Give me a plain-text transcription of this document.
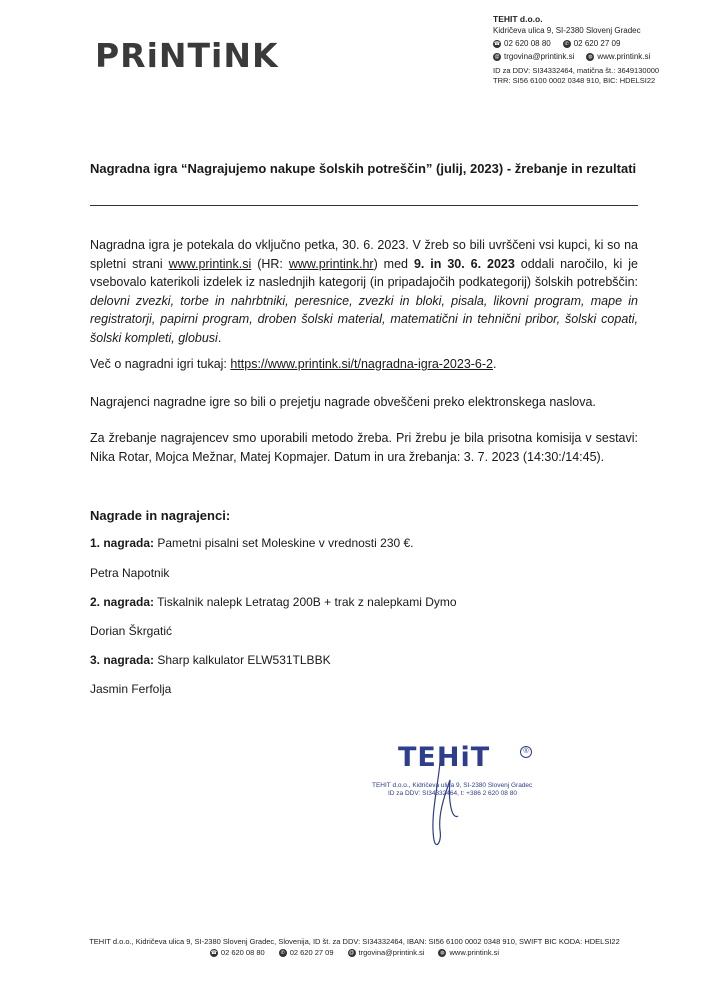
PRiNTiNK
TEHIT d.o.o.
Kidričeva ulica 9, SI-2380 Slovenj Gradec
☎ 02 620 08 80	✆ 02 620 27 09
@ trgovina@printink.si	◍ www.printink.si
ID za DDV: SI34332464, matična št.: 3649130000
TRR: SI56 6100 0002 0348 910, BIC: HDELSI22
Nagradna igra “Nagrajujemo nakupe šolskih potreščin” (julij, 2023) - žrebanje in rezultati
Nagradna igra je potekala do vključno petka, 30. 6. 2023. V žreb so bili uvrščeni vsi kupci, ki so na spletni strani www.printink.si (HR: www.printink.hr) med 9. in 30. 6. 2023 oddali naročilo, ki je vsebovalo katerikoli izdelek iz naslednjih kategorij (in pripadajočih podkategorij) šolskih potrebščin: delovni zvezki, torbe in nahrbtniki, peresnice, zvezki in bloki, pisala, likovni program, mape in registratorji, papirni program, droben šolski material, matematični in tehnični pribor, šolski copati, šolski kompleti, globusi.
Več o nagradni igri tukaj: https://www.printink.si/t/nagradna-igra-2023-6-2.
Nagrajenci nagradne igre so bili o prejetju nagrade obveščeni preko elektronskega naslova.
Za žrebanje nagrajencev smo uporabili metodo žreba. Pri žrebu je bila prisotna komisija v sestavi: Nika Rotar, Mojca Mežnar, Matej Kopmajer. Datum in ura žrebanja: 3. 7. 2023 (14:30:/14:45).
Nagrade in nagrajenci:
1. nagrada: Pametni pisalni set Moleskine v vrednosti 230 €.
Petra Napotnik
2. nagrada: Tiskalnik nalepk Letratag 200B + trak z nalepkami Dymo
Dorian Škrgatić
3. nagrada: Sharp kalkulator ELW531TLBBK
Jasmin Ferfolja
TEHiT	®
TEHIT d.o.o., Kidričeva ulica 9, SI-2380 Slovenj Gradec
ID za DDV: SI34332464, t: +386 2 620 08 80
TEHIT d.o.o., Kidričeva ulica 9, SI-2380 Slovenj Gradec, Slovenija, ID št. za DDV: SI34332464, IBAN: SI56 6100 0002 0348 910, SWIFT BIC KODA: HDELSI22
☎ 02 620 08 80	✆ 02 620 27 09	@ trgovina@printink.si	◍ www.printink.si
